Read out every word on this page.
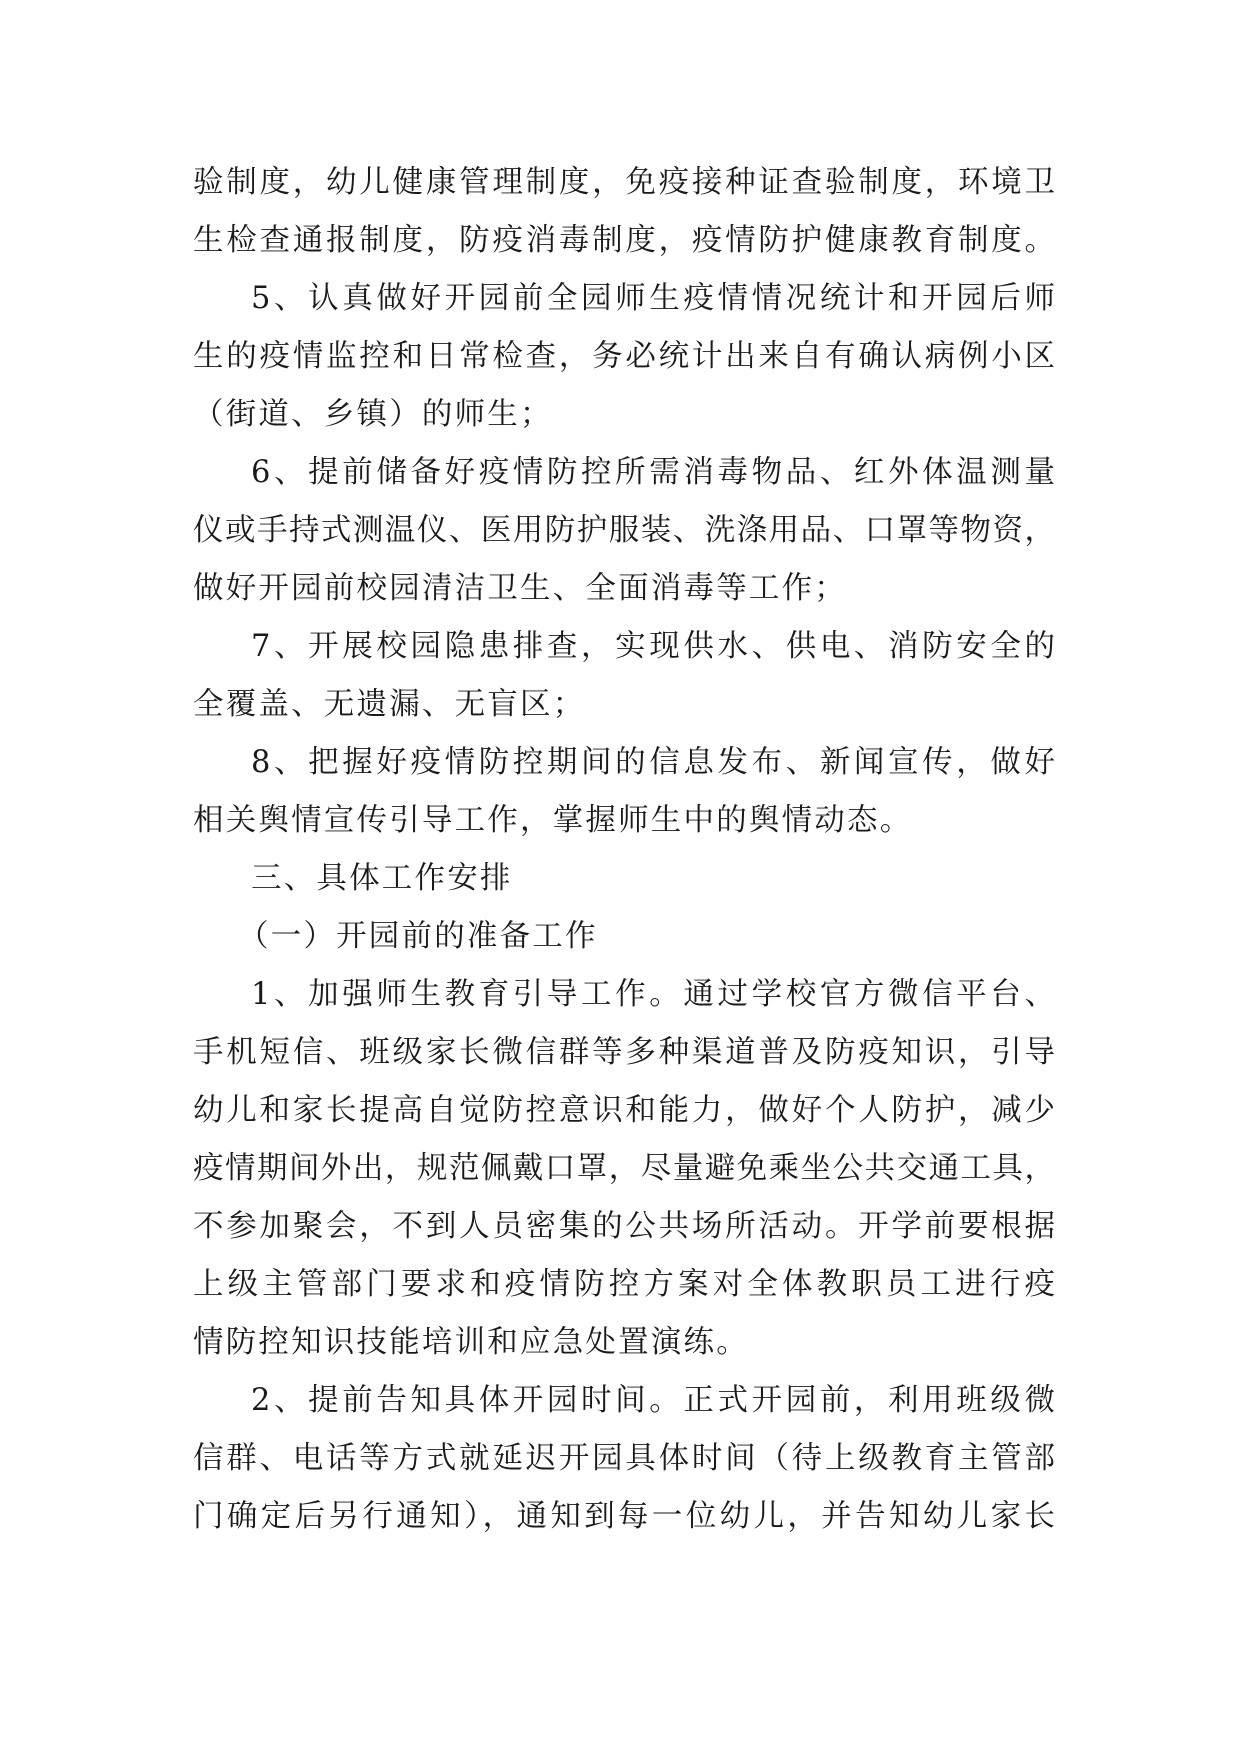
验制度，幼儿健康管理制度，免疫接种证查验制度，环境卫
生检查通报制度，防疫消毒制度，疫情防护健康教育制度。
5、认真做好开园前全园师生疫情情况统计和开园后师
生的疫情监控和日常检查，务必统计出来自有确认病例小区
（街道、乡镇）的师生；
6、提前储备好疫情防控所需消毒物品、红外体温测量
仪或手持式测温仪、医用防护服装、洗涤用品、口罩等物资，
做好开园前校园清洁卫生、全面消毒等工作；
7、开展校园隐患排查，实现供水、供电、消防安全的
全覆盖、无遗漏、无盲区；
8、把握好疫情防控期间的信息发布、新闻宣传，做好
相关舆情宣传引导工作，掌握师生中的舆情动态。
三、具体工作安排
（一）开园前的准备工作
1、加强师生教育引导工作。通过学校官方微信平台、
手机短信、班级家长微信群等多种渠道普及防疫知识，引导
幼儿和家长提高自觉防控意识和能力，做好个人防护，减少
疫情期间外出，规范佩戴口罩，尽量避免乘坐公共交通工具，
不参加聚会，不到人员密集的公共场所活动。开学前要根据
上级主管部门要求和疫情防控方案对全体教职员工进行疫
情防控知识技能培训和应急处置演练。
2、提前告知具体开园时间。正式开园前，利用班级微
信群、电话等方式就延迟开园具体时间（待上级教育主管部
门确定后另行通知），通知到每一位幼儿，并告知幼儿家长
